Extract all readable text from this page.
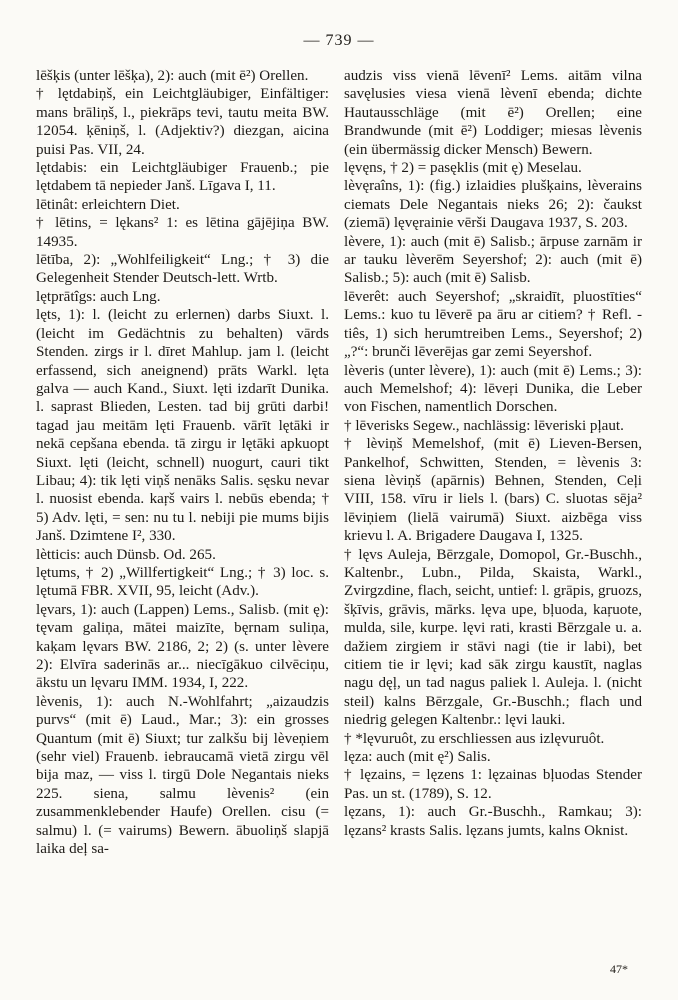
— 739 —

lēšķis (unter lēšķa), 2): auch (mit ē²) Orellen.

† lętdabiņš, ein Leichtgläubiger, Einfältiger: mans brāliņš, l., piekrāps tevi, tautu meita BW. 12054. ķēniņš, l. (Adjektiv?) diezgan, aicina puisi Pas. VII, 24.

lętdabis: ein Leichtgläubiger Frauenb.; pie lętdabem tā nepieder Janš. Līgava I, 11.

lētinât: erleichtern Diet.

† lētins, = lękans² 1: es lētina gājējiņa BW. 14935.

lētība, 2): „Wohlfeiligkeit“ Lng.; † 3) die Gelegenheit Stender Deutsch-lett. Wrtb.

lętprātîgs: auch Lng.

lęts, 1): l. (leicht zu erlernen) darbs Siuxt. l. (leicht im Gedächtnis zu behalten) vārds Stenden. zirgs ir l. dīret Mahlup. jam l. (leicht erfassend, sich aneignend) prāts Warkl. lęta galva — auch Kand., Siuxt. lęti izdarīt Dunika. l. saprast Blieden, Lesten. tad bij grūti darbi! tagad jau meitām lęti Frauenb. vārīt lętāki ir nekā cepšana ebenda. tā zirgu ir lętāki apkuopt Siuxt. lęti (leicht, schnell) nuogurt, cauri tikt Libau; 4): tik lęti viņš nenāks Salis. sęsku nevar l. nuosist ebenda. kaŗš vairs l. nebūs ebenda; † 5) Adv. lęti, = sen: nu tu l. nebiji pie mums bijis Janš. Dzimtene I², 330.

lètticis: auch Dünsb. Od. 265.

lętums, † 2) „Willfertigkeit“ Lng.; † 3) loc. s. lętumā FBR. XVII, 95, leicht (Adv.).

lęvars, 1): auch (Lappen) Lems., Salisb. (mit ę): tęvam galiņa, mātei maizīte, bęrnam suliņa, kaķam lęvars BW. 2186, 2; 2) (s. unter lèvere 2): Elvīra saderinās ar... niecīgākuo cilvēciņu, ākstu un lęvaru IMM. 1934, I, 222.

lèvenis, 1): auch N.-Wohlfahrt; „aizaudzis purvs“ (mit ē) Laud., Mar.; 3): ein grosses Quantum (mit ē) Siuxt; tur zalkšu bij lèveņiem (sehr viel) Frauenb. iebraucamā vietā zirgu vēl bija maz, — viss l. tirgū Dole Negantais nieks 225. siena, salmu lèvenis² (ein zusammenklebender Haufe) Orellen. cisu (= salmu) l. (= vairums) Bewern. ābuoliņš slapjā laika deļ sa-

audzis viss vienā lēvenī² Lems. aitām vilna savęlusies viesa vienā lèvenī ebenda; dichte Hautausschläge (mit ē²) Orellen; eine Brandwunde (mit ē²) Loddiger; miesas lèvenis (ein übermässig dicker Mensch) Bewern.

lęvęns, † 2) = pasęklis (mit ę) Meselau.

lèvęraîns, 1): (fig.) izlaidies plušķains, lèverains ciemats Dele Negantais nieks 26; 2): čaukst (ziemā) lęvęrainie vērši Daugava 1937, S. 203.

lèvere, 1): auch (mit ē) Salisb.; ārpuse zarnām ir ar tauku lèverēm Seyershof; 2): auch (mit ē) Salisb.; 5): auch (mit ē) Salisb.

lēverêt: auch Seyershof; „skraidīt, pluostīties“ Lems.: kuo tu lēverē pa āru ar citiem? † Refl. -tiês, 1) sich herumtreiben Lems., Seyershof; 2) „?“: brunči lēverējas gar zemi Seyershof.

lèveris (unter lèvere), 1): auch (mit ē) Lems.; 3): auch Memelshof; 4): lēveŗi Dunika, die Leber von Fischen, namentlich Dorschen.

† lēverisks Segew., nachlässig: lēveriski pļaut.

† lèviņš Memelshof, (mit ē) Lieven-Bersen, Pankelhof, Schwitten, Stenden, = lèvenis 3: siena lèviņš (apārnis) Behnen, Stenden, Ceļi VIII, 158. vīru ir liels l. (bars) C. sluotas sēja² lēviņiem (lielā vairumā) Siuxt. aizbēga viss krievu l. A. Brigadere Daugava I, 1325.

† lęvs Auleja, Bērzgale, Domopol, Gr.-Buschh., Kaltenbr., Lubn., Pilda, Skaista, Warkl., Zvirgzdine, flach, seicht, untief: l. grāpis, gruozs, šķīvis, grāvis, mārks. lęva upe, bļuoda, kaŗuote, mulda, sile, kurpe. lęvi rati, krasti Bērzgale u. a. dažiem zirgiem ir stāvi nagi (tie ir labi), bet citiem tie ir lęvi; kad sāk zirgu kaustīt, naglas nagu dęļ, un tad nagus paliek l. Auleja. l. (nicht steil) kalns Bērzgale, Gr.-Buschh.; flach und niedrig gelegen Kaltenbr.: lęvi lauki.

† *lęvuruôt, zu erschliessen aus izlęvuruôt.

lęza: auch (mit ę²) Salis.

† lęzains, = lęzens 1: lęzainas bļuodas Stender Pas. un st. (1789), S. 12.

lęzans, 1): auch Gr.-Buschh., Ramkau; 3): lęzans² krasts Salis. lęzans jumts, kalns Oknist.

47*
